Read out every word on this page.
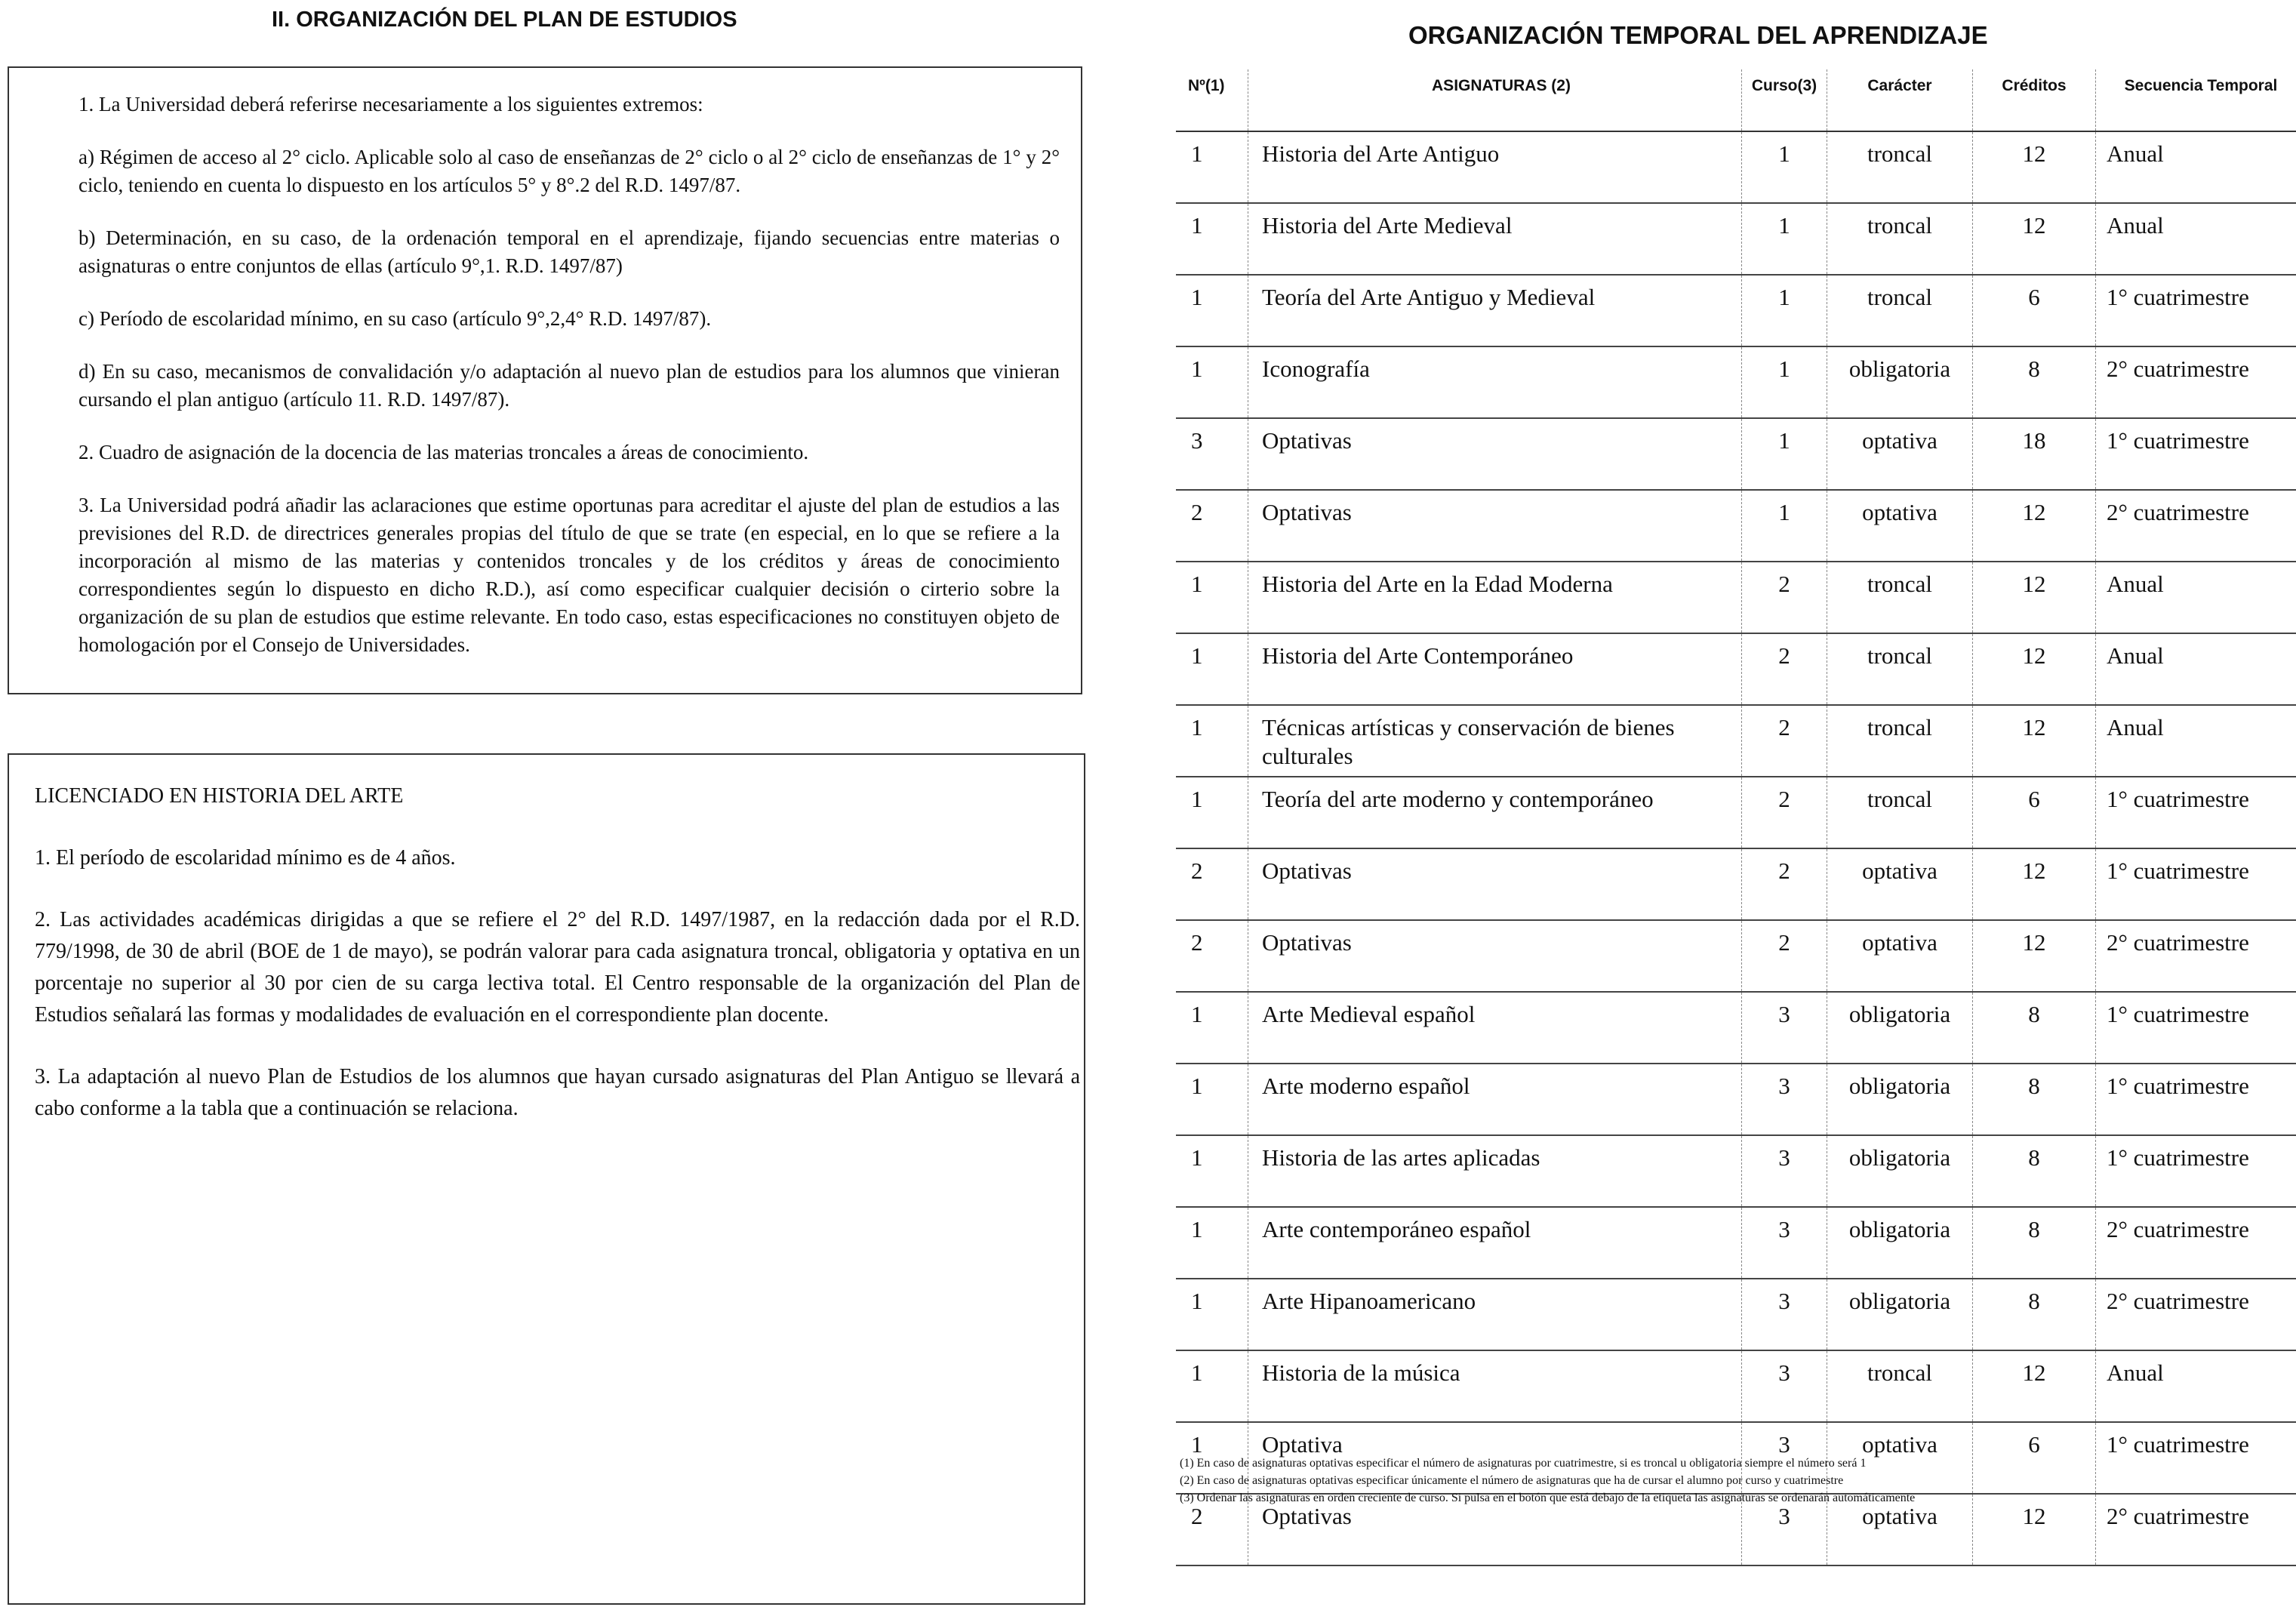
II. ORGANIZACIÓN DEL PLAN DE ESTUDIOS

1. La Universidad deberá referirse necesariamente a los siguientes extremos:

a) Régimen de acceso al 2° ciclo. Aplicable solo al caso de enseñanzas de 2° ciclo o al 2° ciclo de enseñanzas de 1° y 2° ciclo, teniendo en cuenta lo dispuesto en los artículos 5° y 8°.2 del R.D. 1497/87.

b) Determinación, en su caso, de la ordenación temporal en el aprendizaje, fijando secuencias entre materias o asignaturas o entre conjuntos de ellas (artículo 9°,1. R.D. 1497/87)

c) Período de escolaridad mínimo, en su caso (artículo 9°,2,4° R.D. 1497/87).

d) En su caso, mecanismos de convalidación y/o adaptación al nuevo plan de estudios para los alumnos que vinieran cursando el plan antiguo (artículo 11. R.D. 1497/87).

2. Cuadro de asignación de la docencia de las materias troncales a áreas de conocimiento.

3. La Universidad podrá añadir las aclaraciones que estime oportunas para acreditar el ajuste del plan de estudios a las previsiones del R.D. de directrices generales propias del título de que se trate (en especial, en lo que se refiere a la incorporación al mismo de las materias y contenidos troncales y de los créditos y áreas de conocimiento correspondientes según lo dispuesto en dicho R.D.), así como especificar cualquier decisión o cirterio sobre la organización de su plan de estudios que estime relevante. En todo caso, estas especificaciones no constituyen objeto de homologación por el Consejo de Universidades.

LICENCIADO EN HISTORIA DEL ARTE

1. El período de escolaridad mínimo es de 4 años.

2. Las actividades académicas dirigidas a que se refiere el 2° del R.D. 1497/1987, en la redacción dada por el R.D. 779/1998, de 30 de abril (BOE de 1 de mayo), se podrán valorar para cada asignatura troncal, obligatoria y optativa en un porcentaje no superior al 30 por cien de su carga lectiva total. El Centro responsable de la organización del Plan de Estudios señalará las formas y modalidades de evaluación en el correspondiente plan docente.

3. La adaptación al nuevo Plan de Estudios de los alumnos que hayan cursado asignaturas del Plan Antiguo se llevará a cabo conforme a la tabla que a continuación se relaciona.

ORGANIZACIÓN TEMPORAL DEL APRENDIZAJE
Nº(1)	ASIGNATURAS (2)	Curso(3)	Carácter	Créditos	Secuencia Temporal
1	Historia del Arte Antiguo	1	troncal	12	Anual
1	Historia del Arte Medieval	1	troncal	12	Anual
1	Teoría del Arte Antiguo y Medieval	1	troncal	6	1° cuatrimestre
1	Iconografía	1	obligatoria	8	2° cuatrimestre
3	Optativas	1	optativa	18	1° cuatrimestre
2	Optativas	1	optativa	12	2° cuatrimestre
1	Historia del Arte en la Edad Moderna	2	troncal	12	Anual
1	Historia del Arte Contemporáneo	2	troncal	12	Anual
1	Técnicas artísticas y conservación de bienes culturales	2	troncal	12	Anual
1	Teoría del arte moderno y contemporáneo	2	troncal	6	1° cuatrimestre
2	Optativas	2	optativa	12	1° cuatrimestre
2	Optativas	2	optativa	12	2° cuatrimestre
1	Arte Medieval español	3	obligatoria	8	1° cuatrimestre
1	Arte moderno español	3	obligatoria	8	1° cuatrimestre
1	Historia de las artes aplicadas	3	obligatoria	8	1° cuatrimestre
1	Arte contemporáneo español	3	obligatoria	8	2° cuatrimestre
1	Arte Hipanoamericano	3	obligatoria	8	2° cuatrimestre
1	Historia de la música	3	troncal	12	Anual
1	Optativa	3	optativa	6	1° cuatrimestre
2	Optativas	3	optativa	12	2° cuatrimestre
(1) En caso de asignaturas optativas especificar el número de asignaturas por cuatrimestre, si es troncal u obligatoria siempre el número será 1
(2) En caso de asignaturas optativas especificar únicamente el número de asignaturas que ha de cursar el alumno por curso y cuatrimestre
(3) Ordenar las asignaturas en orden creciente de curso. Si pulsa en el botón que está debajo de la etiqueta las asignaturas se ordenarán automáticamente
